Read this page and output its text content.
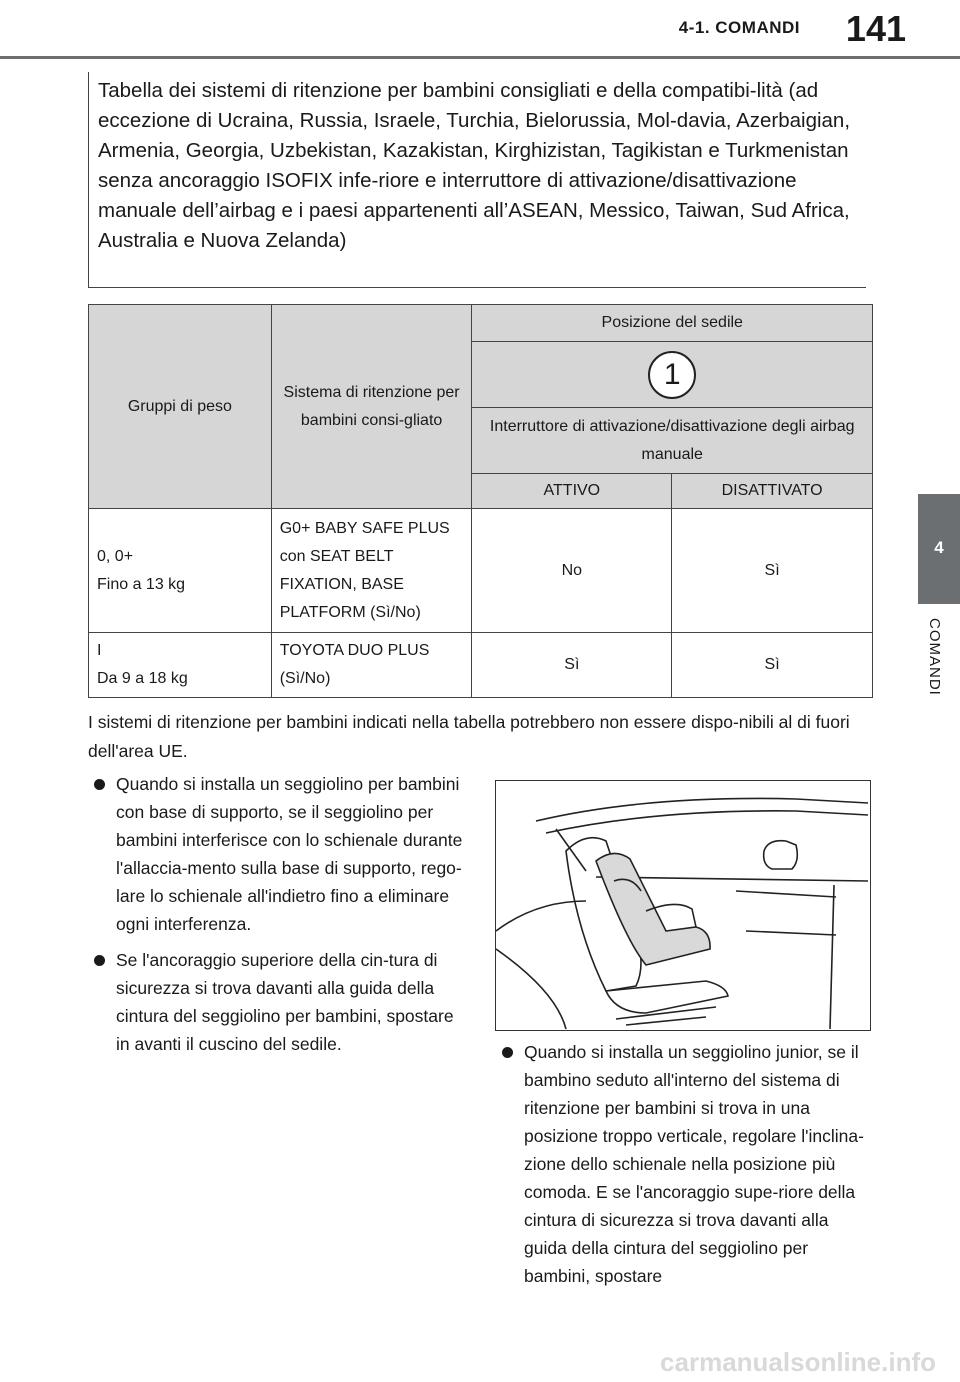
4-1. COMANDI 141
4
COMANDI
Tabella dei sistemi di ritenzione per bambini consigliati e della compatibi-lità (ad eccezione di Ucraina, Russia, Israele, Turchia, Bielorussia, Mol-davia, Azerbaigian, Armenia, Georgia, Uzbekistan, Kazakistan, Kirghizistan, Tagikistan e Turkmenistan senza ancoraggio ISOFIX infe-riore e interruttore di attivazione/disattivazione manuale dell’airbag e i paesi appartenenti all’ASEAN, Messico, Taiwan, Sud Africa, Australia e Nuova Zelanda)
Gruppi di peso	Sistema di ritenzione per bambini consi-gliato	Posizione del sedile	
		1	
		Interruttore di attivazione/disattivazione degli airbag manuale	
		ATTIVO	DISATTIVATO

0, 0+
Fino a 13 kg	G0+ BABY SAFE PLUS con SEAT BELT FIXATION, BASE PLATFORM (Sì/No)	No	Sì

I
Da 9 a 18 kg	TOYOTA DUO PLUS (Sì/No)	Sì	Sì
I sistemi di ritenzione per bambini indicati nella tabella potrebbero non essere dispo-nibili al di fuori dell'area UE.
Quando si installa un seggiolino per bambini con base di supporto, se il seggiolino per bambini interferisce con lo schienale durante l'allaccia-mento sulla base di supporto, rego-lare lo schienale all'indietro fino a eliminare ogni interferenza.
Se l'ancoraggio superiore della cin-tura di sicurezza si trova davanti alla guida della cintura del seggiolino per bambini, spostare in avanti il cuscino del sedile.	Quando si installa un seggiolino junior, se il bambino seduto all'interno del sistema di ritenzione per bambini si trova in una posizione troppo verticale, regolare l'inclina-zione dello schienale nella posizione più comoda. E se l'ancoraggio supe-riore della cintura di sicurezza si trova davanti alla guida della cintura del seggiolino per bambini, spostare
carmanualsonline.info
